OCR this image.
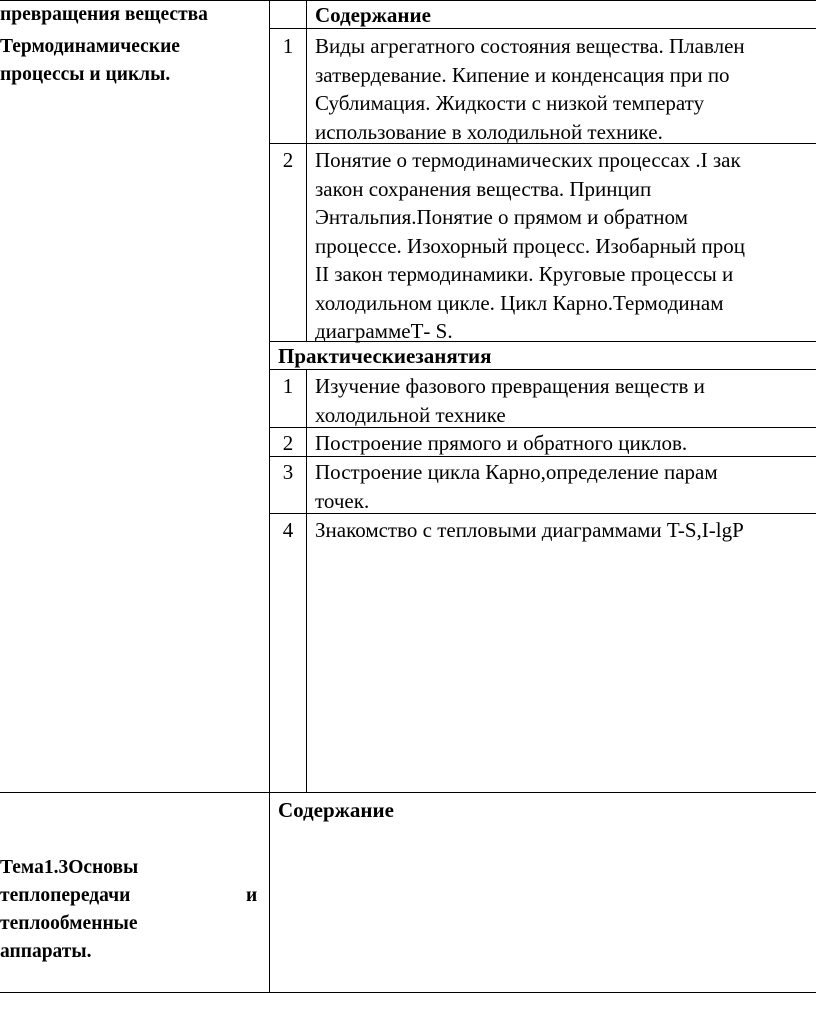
превращения вещества
Термодинамические
процессы и циклы.
Содержание
1	Виды агрегатного состояния вещества. Плавлен
затвердевание. Кипение и конденсация при по
Сублимация. Жидкости с низкой температу
использование в холодильной технике.
2	Понятие о термодинамических процессах .I зак
закон сохранения вещества. Принцип
Энтальпия.Понятие о прямом и обратном
процессе. Изохорный процесс. Изобарный проц
II закон термодинамики. Круговые процессы и
холодильном цикле. Цикл Карно.Термодинам
диаграммеТ- S.
Практическиезанятия
1	Изучение фазового превращения веществ и
холодильной технике
2	Построение прямого и обратного циклов.
3	Построение цикла Карно,определение парам
точек.
4	Знакомство с тепловыми диаграммами T-S,I-lgP
Содержание
Тема1.3Основы
теплопередачи	и
теплообменные
аппараты.
